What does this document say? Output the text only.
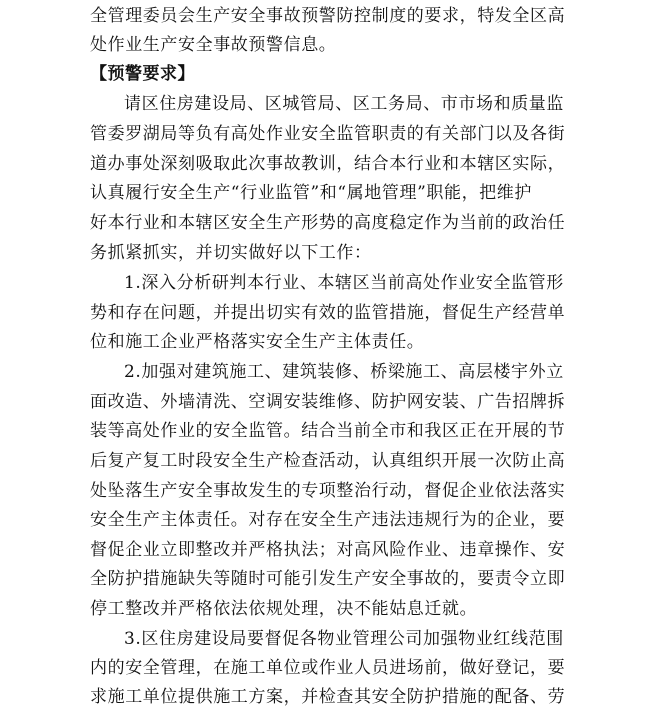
全管理委员会生产安全事故预警防控制度的要求，特发全区高
处作业生产安全事故预警信息。
【预警要求】
请区住房建设局、区城管局、区工务局、市市场和质量监
管委罗湖局等负有高处作业安全监管职责的有关部门以及各街
道办事处深刻吸取此次事故教训，结合本行业和本辖区实际，
认真履行安全生产“行业监管”和“属地管理”职能，把维护
好本行业和本辖区安全生产形势的高度稳定作为当前的政治任
务抓紧抓实，并切实做好以下工作：
1.深入分析研判本行业、本辖区当前高处作业安全监管形
势和存在问题，并提出切实有效的监管措施，督促生产经营单
位和施工企业严格落实安全生产主体责任。
2.加强对建筑施工、建筑装修、桥梁施工、高层楼宇外立
面改造、外墙清洗、空调安装维修、防护网安装、广告招牌拆
装等高处作业的安全监管。结合当前全市和我区正在开展的节
后复产复工时段安全生产检查活动，认真组织开展一次防止高
处坠落生产安全事故发生的专项整治行动，督促企业依法落实
安全生产主体责任。对存在安全生产违法违规行为的企业，要
督促企业立即整改并严格执法；对高风险作业、违章操作、安
全防护措施缺失等随时可能引发生产安全事故的，要责令立即
停工整改并严格依法依规处理，决不能姑息迁就。
3.区住房建设局要督促各物业管理公司加强物业红线范围
内的安全管理，在施工单位或作业人员进场前，做好登记，要
求施工单位提供施工方案，并检查其安全防护措施的配备、劳
